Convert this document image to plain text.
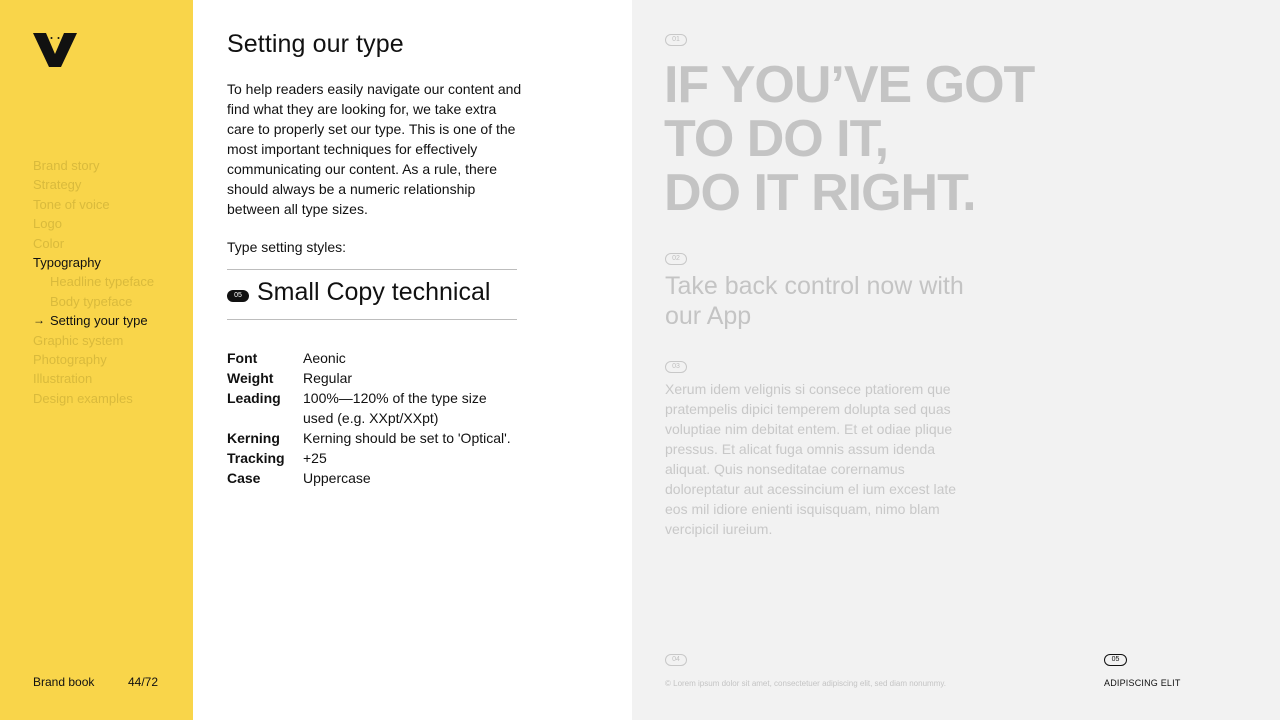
Brand story
Strategy
Tone of voice
Logo
Color
Typography
Headline typeface
Body typeface
→ Setting your type
Graphic system
Photography
Illustration
Design examples
Brand book	44/72
Setting our type

To help readers easily navigate our content and find what they are looking for, we take extra care to properly set our type. This is one of the most important techniques for effectively communicating our content. As a rule, there should always be a numeric relationship between all type sizes.

Type setting styles:
05 Small Copy technical
Font	Aeonic
Weight	Regular
Leading	100%—120% of the type size used (e.g. XXpt/XXpt)
Kerning	Kerning should be set to 'Optical'.
Tracking	+25
Case	Uppercase
01
IF YOU’VE GOT
TO DO IT,
DO IT RIGHT.
02
Take back control now with our App
03

Xerum idem velignis si consece ptatiorem que pratempelis dipici temperem dolupta sed quas voluptiae nim debitat entem. Et et odiae plique pressus. Et alicat fuga omnis assum idenda aliquat. Quis nonseditatae corernamus doloreptatur aut acessincium el ium excest late eos mil idiore enienti isquisquam, nimo blam vercipicil iureium.

04
© Lorem ipsum dolor sit amet, consectetuer adipiscing elit, sed diam nonummy.
05
ADIPISCING ELIT
